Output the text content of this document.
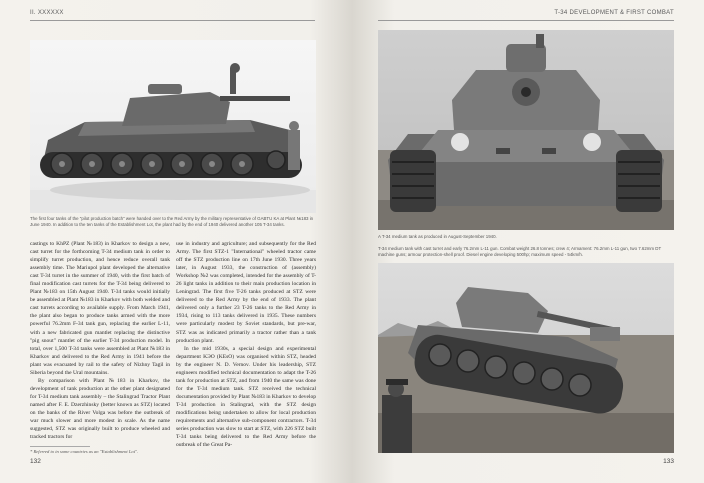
II. XXXXXX
The first four tanks of the "pilot production batch" were handed over to the Red Army by the military representative of GABTU KA at Plant №183 in June 1940. In addition to the ten tanks of the Establishment Lot, the plant had by the end of 1940 delivered another 105 T-34 tanks.

castings to KhPZ (Plant №183) in Kharkov to design a new, cast turret for the forthcoming T-34 medium tank in order to simplify turret production, and hence reduce overall tank assembly time. The Mariupol plant developed the alternative cast T-34 turret in the summer of 1940, with the first batch of final modification cast turrets for the T-34 being delivered to Plant №183 on 15th August 1940. T-34 tanks would initially be assembled at Plant №183 in Kharkov with both welded and cast turrets according to available supply. From March 1941, the plant also began to produce tanks armed with the more powerful 76.2mm F-34 tank gun, replacing the earlier L-11, with a new fabricated gun mantlet replacing the distinctive "pig snout" mantlet of the earlier T-34 production model. In total, over 1,500 T-34 tanks were assembled at Plant №183 in Kharkov and delivered to the Red Army in 1941 before the plant was evacuated by rail to the safety of Nizhny Tagil in Siberia beyond the Ural mountains.

By comparison with Plant №183 in Kharkov, the development of tank production at the other plant designated for T-34 medium tank assembly – the Stalingrad Tractor Plant named after F. E. Dzerzhinsky (better known as STZ) located on the banks of the River Volga was before the outbreak of war much slower and more modest in scale. As the name suggested, STZ was originally built to produce wheeled and tracked tractors for

use in industry and agriculture; and subsequently for the Red Army. The first STZ-1 "International" wheeled tractor came off the STZ production line on 17th June 1930. Three years later, in August 1933, the construction of (assembly) Workshop №2 was completed, intended for the assembly of T-26 light tanks in addition to their main production location in Leningrad. The first five T-26 tanks produced at STZ were delivered to the Red Army by the end of 1933. The plant delivered only a further 23 T-26 tanks to the Red Army in 1934, rising to 113 tanks delivered in 1935. These numbers were particularly modest by Soviet standards, but pre-war, STZ was as indicated primarily a tractor rather than a tank production plant.

In the mid 1930s, a special design and experimental department KЭO (KEsO) was organised within STZ, headed by the engineer N. D. Vernov. Under his leadership, STZ engineers modified technical documentation to adapt the T-26 tank for production at STZ, and from 1940 the same was done for the T-34 medium tank. STZ received the technical documentation provided by Plant №183 in Kharkov to develop T-34 production in Stalingrad, with the STZ design modifications being undertaken to allow for local production requirements and alternative sub-component contractors. T-34 series production was slow to start at STZ, with 226 STZ built T-34 tanks being delivered to the Red Army before the outbreak of the Great Pa-

* Referred to in some countries as an "Establishment Lot".
132
T-34 DEVELOPMENT & FIRST COMBAT
A T-34 medium tank as produced in August-September 1940.
T-34 medium tank with cast turret and early 76.2mm L-11 gun. Combat weight 26.8 tonnes; crew 4; Armament: 76.2mm L-11 gun, two 7.62mm DT machine guns; armour protection-shell proof. Diesel engine developing 500hp; maximum speed - 54km/h.
133
